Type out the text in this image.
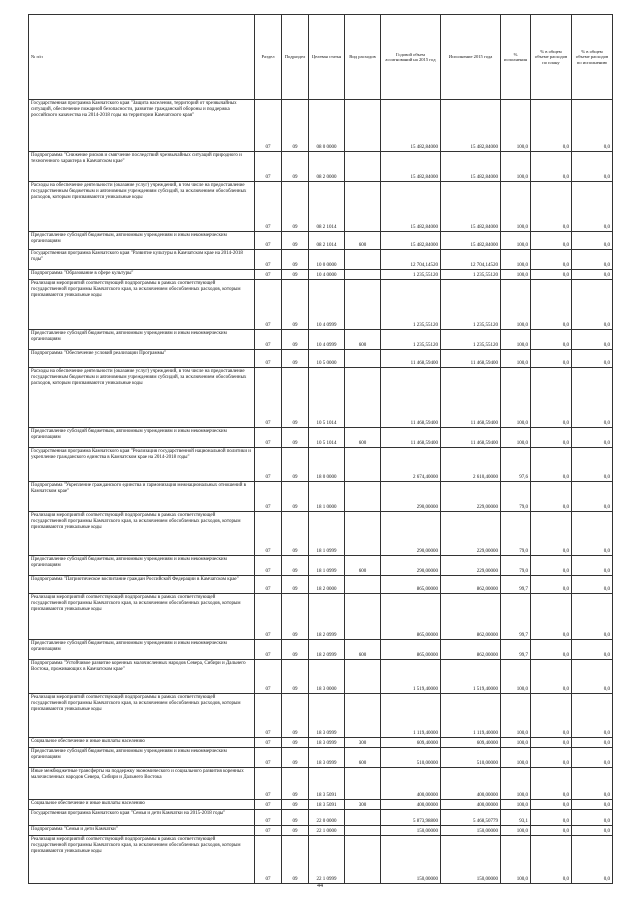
№ п/п	Раздел	Подраздел	Целевая статья	Вид расходов	Годовой объем ассигнований на 2015 год	Исполнение 2015 года	% исполнения	% в общем объеме расходов по плану	% в общем объеме расходов по исполнению
Государственная программа Камчатского края "Защита населения, территорий от чрезвычайных ситуаций, обеспечение пожарной безопасности, развитие гражданской обороны и поддержка российского казачества на 2014-2018 годы на территории Камчатского края"	07	09	08 0 0000		15 482,84000	15 482,84000	100,0	0,0	0,0
Подпрограмма "Снижение рисков и смягчение последствий чрезвычайных ситуаций природного и техногенного характера в Камчатском крае"	07	09	08 2 0000		15 482,84000	15 482,84000	100,0	0,0	0,0
Расходы на обеспечение деятельности (оказание услуг) учреждений, в том числе на предоставление государственным бюджетным и автономным учреждениям субсидий, за исключением обособленных расходов, которым присваиваются уникальные коды	07	09	08 2 1014		15 482,84000	15 482,84000	100,0	0,0	0,0
Предоставление субсидий бюджетным, автономным учреждениям и иным некоммерческим организациям	07	09	08 2 1014	600	15 482,84000	15 482,84000	100,0	0,0	0,0
Государственная программа Камчатского края "Развитие культуры в Камчатском крае на 2014-2018 годы"	07	09	10 0 0000		12 704,14520	12 704,14520	100,0	0,0	0,0
Подпрограмма "Образование в сфере культуры"	07	09	10 4 0000		1 235,55120	1 235,55120	100,0	0,0	0,0
Реализация мероприятий соответствующей подпрограммы в рамках соответствующей государственной программы Камчатского края, за исключением обособленных расходов, которым присваиваются уникальные коды	07	09	10 4 0999		1 235,55120	1 235,55120	100,0	0,0	0,0
Предоставление субсидий бюджетным, автономным учреждениям и иным некоммерческим организациям	07	09	10 4 0999	600	1 235,55120	1 235,55120	100,0	0,0	0,0
Подпрограмма "Обеспечение условий реализации Программы"	07	09	10 5 0000		11 468,59400	11 468,59400	100,0	0,0	0,0
Расходы на обеспечение деятельности (оказание услуг) учреждений, в том числе на предоставление государственным бюджетным и автономным учреждениям субсидий, за исключением обособленных расходов, которым присваиваются уникальные коды	07	09	10 5 1014		11 468,59400	11 468,59400	100,0	0,0	0,0
Предоставление субсидий бюджетным, автономным учреждениям и иным некоммерческим организациям	07	09	10 5 1014	600	11 468,59400	11 468,59400	100,0	0,0	0,0
Государственная программа Камчатского края "Реализация государственной национальной политики и укрепление гражданского единства в Камчатском крае на 2014-2018 годы"	07	09	18 0 0000		2 674,40000	2 610,40000	97,6	0,0	0,0
Подпрограмма "Укрепление гражданского единства и гармонизация межнациональных отношений в Камчатском крае"	07	09	18 1 0000		290,00000	229,00000	79,0	0,0	0,0
Реализация мероприятий соответствующей подпрограммы в рамках соответствующей государственной программы Камчатского края, за исключением обособленных расходов, которым присваиваются уникальные коды	07	09	18 1 0999		290,00000	229,00000	79,0	0,0	0,0
Предоставление субсидий бюджетным, автономным учреждениям и иным некоммерческим организациям	07	09	18 1 0999	600	290,00000	229,00000	79,0	0,0	0,0
Подпрограмма "Патриотическое воспитание граждан Российской Федерации в Камчатском крае"	07	09	18 2 0000		865,00000	862,00000	99,7	0,0	0,0
Реализация мероприятий соответствующей подпрограммы в рамках соответствующей государственной программы Камчатского края, за исключением обособленных расходов, которым присваиваются уникальные коды	07	09	18 2 0999		865,00000	862,00000	99,7	0,0	0,0
Предоставление субсидий бюджетным, автономным учреждениям и иным некоммерческим организациям	07	09	18 2 0999	600	865,00000	862,00000	99,7	0,0	0,0
Подпрограмма "Устойчивое развитие коренных малочисленных народов Севера, Сибири и Дальнего Востока, проживающих в Камчатском крае"	07	09	18 3 0000		1 519,40000	1 519,40000	100,0	0,0	0,0
Реализация мероприятий соответствующей подпрограммы в рамках соответствующей государственной программы Камчатского края, за исключением обособленных расходов, которым присваиваются уникальные коды	07	09	18 3 0999		1 119,40000	1 119,40000	100,0	0,0	0,0
Социальное обеспечение и иные выплаты населению	07	09	18 3 0999	300	609,40000	609,40000	100,0	0,0	0,0
Предоставление субсидий бюджетным, автономным учреждениям и иным некоммерческим организациям	07	09	18 3 0999	600	510,00000	510,00000	100,0	0,0	0,0
Иные межбюджетные трансферты на поддержку экономического и социального развития коренных малочисленных народов Севера, Сибири и Дальнего Востока	07	09	18 3 5091		400,00000	400,00000	100,0	0,0	0,0
Социальное обеспечение и иные выплаты населению	07	09	18 3 5091	300	400,00000	400,00000	100,0	0,0	0,0
Государственная программа Камчатского края "Семья и дети Камчатки на 2015-2018 годы"	07	09	22 0 0000		5 873,98800	5 468,50779	93,1	0,0	0,0
Подпрограмма "Семья и дети Камчатки"	07	09	22 1 0000		150,00000	150,00000	100,0	0,0	0,0
Реализация мероприятий соответствующей подпрограммы в рамках соответствующей государственной программы Камчатского края, за исключением обособленных расходов, которым присваиваются уникальные коды	07	09	22 1 0999		150,00000	150,00000	100,0	0,0	0,0
44
